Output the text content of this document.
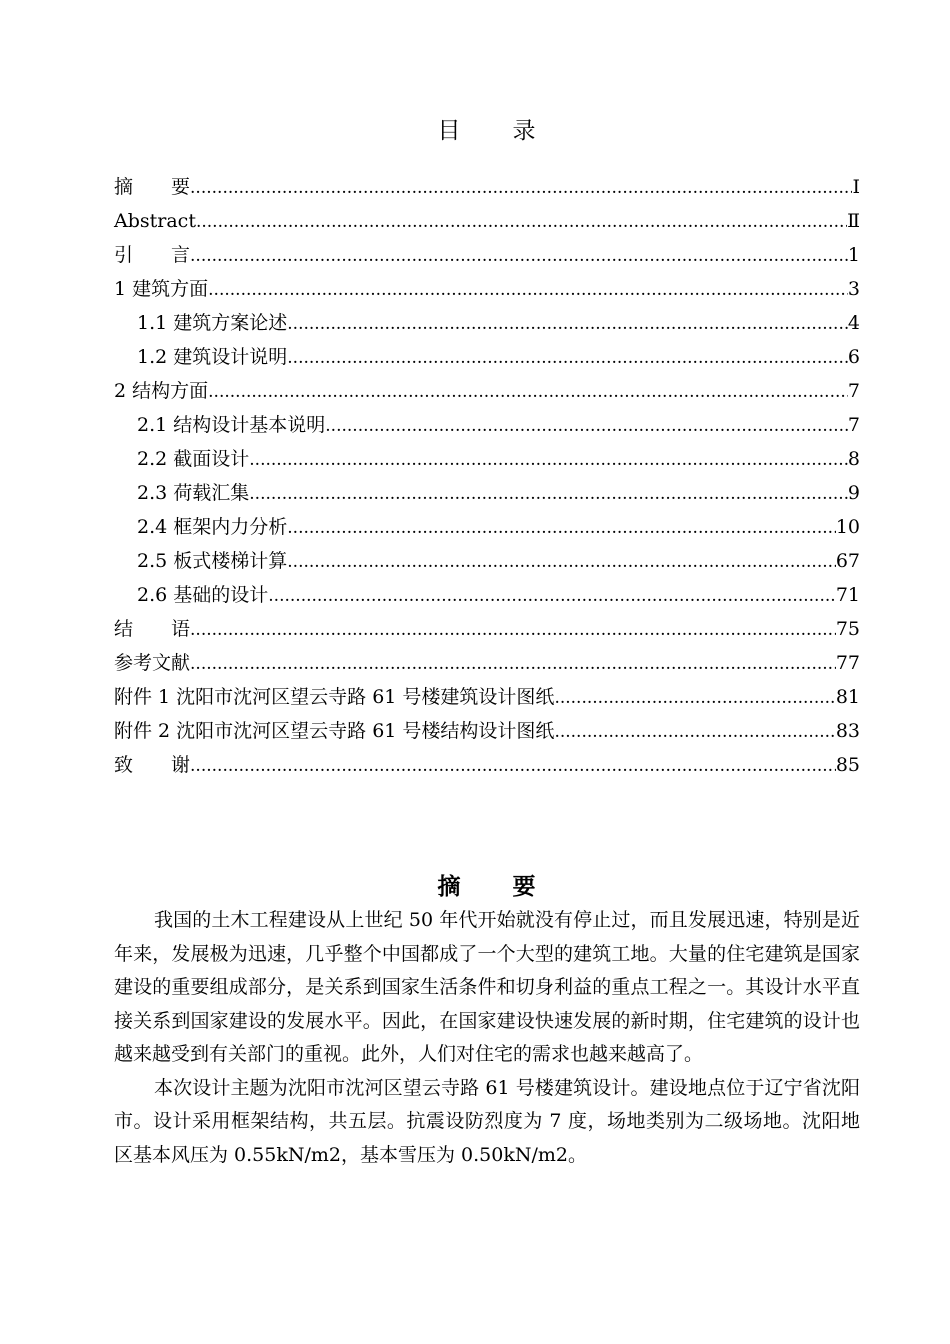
目　　录
摘　　要 .....	I
Abstract .....	Ⅱ
引　　言 .....	1
1 建筑方面 .....	3
1.1 建筑方案论述 .....	4
1.2 建筑设计说明 .....	6
2 结构方面 .....	7
2.1 结构设计基本说明 .....	7
2.2 截面设计 .....	8
2.3 荷载汇集 .....	9
2.4 框架内力分析 .....	10
2.5 板式楼梯计算 .....	67
2.6 基础的设计 .....	71
结　　语 .....	75
参考文献 .....	77
附件 1 沈阳市沈河区望云寺路 61 号楼建筑设计图纸 .....	81
附件 2 沈阳市沈河区望云寺路 61 号楼结构设计图纸 .....	83
致　　谢 .....	85
摘　　要

我国的土木工程建设从上世纪 50 年代开始就没有停止过，而且发展迅速，特别是近年来，发展极为迅速，几乎整个中国都成了一个大型的建筑工地。大量的住宅建筑是国家建设的重要组成部分，是关系到国家生活条件和切身利益的重点工程之一。其设计水平直接关系到国家建设的发展水平。因此，在国家建设快速发展的新时期，住宅建筑的设计也越来越受到有关部门的重视。此外，人们对住宅的需求也越来越高了。

本次设计主题为沈阳市沈河区望云寺路 61 号楼建筑设计。建设地点位于辽宁省沈阳市。设计采用框架结构，共五层。抗震设防烈度为 7 度，场地类别为二级场地。沈阳地区基本风压为 0.55kN/m2，基本雪压为 0.50kN/m2。
